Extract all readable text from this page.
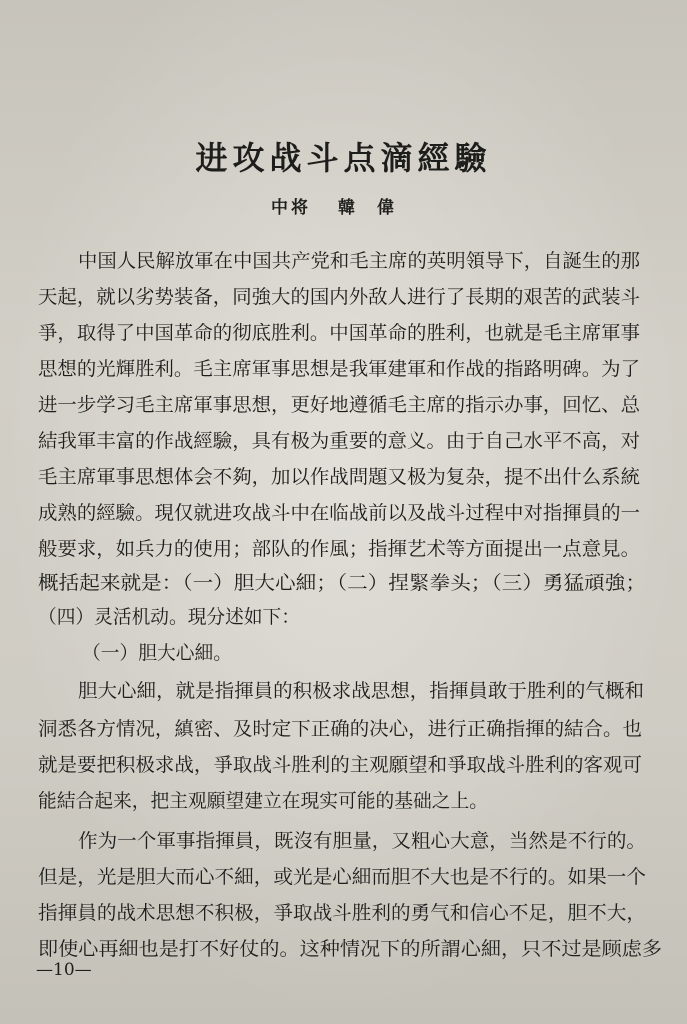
进攻战斗点滴經驗
中将 韓偉
中国人民解放軍在中国共产党和毛主席的英明領导下，自誕生的那
天起，就以劣势装备，同強大的国内外敌人进行了長期的艰苦的武装斗
爭，取得了中国革命的彻底胜利。中国革命的胜利，也就是毛主席軍事
思想的光輝胜利。毛主席軍事思想是我軍建軍和作战的指路明碑。为了
进一步学习毛主席軍事思想，更好地遵循毛主席的指示办事，回忆、总
結我軍丰富的作战經驗，具有极为重要的意义。由于自己水平不高，对
毛主席軍事思想体会不夠，加以作战問題又极为复杂，提不出什么系統
成熟的經驗。現仅就进攻战斗中在临战前以及战斗过程中对指揮員的一
般要求，如兵力的使用；部队的作風；指揮艺术等方面提出一点意見。
概括起来就是：（一）胆大心細；（二）捏緊拳头；（三）勇猛頑強；
（四）灵活机动。現分述如下：
（一）胆大心細。
胆大心細，就是指揮員的积极求战思想，指揮員敢于胜利的气概和
洞悉各方情况，縝密、及时定下正确的决心，进行正确指揮的結合。也
就是要把积极求战，爭取战斗胜利的主观願望和爭取战斗胜利的客观可
能結合起来，把主观願望建立在現实可能的基础之上。
作为一个軍事指揮員，既沒有胆量，又粗心大意，当然是不行的。
但是，光是胆大而心不細，或光是心細而胆不大也是不行的。如果一个
指揮員的战术思想不积极，爭取战斗胜利的勇气和信心不足，胆不大，
即使心再細也是打不好仗的。这种情况下的所謂心細，只不过是顾虑多
—10—
